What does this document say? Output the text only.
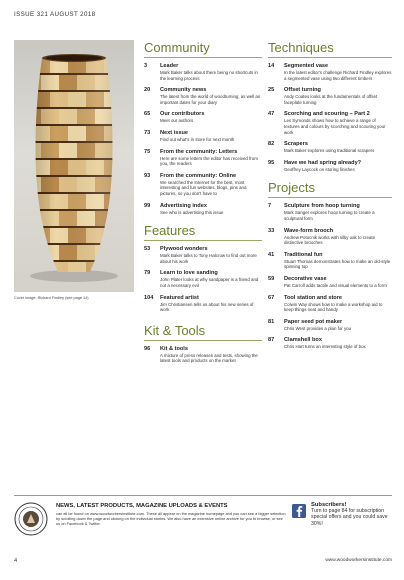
ISSUE 321 AUGUST 2018
Cover image: Richard Findley (see page 14)
Community
3	Leader
Mark Baker talks about there being no shortcuts in the learning process
20	Community news
The latest from the world of woodturning, as well as important dates for your diary
65	Our contributors
Meet our authors
73	Next issue
Find out what's in store for next month
75	From the community: Letters
Here are some letters the editor has received from you, the readers
93	From the community: Online
We searched the Internet for the best, most interesting and fun websites, blogs, pins and pictures, so you don't have to
99	Advertising index
See who is advertising this issue
Features
53	Plywood wonders
Mark Baker talks to Tony Halcrow to find out more about his work
79	Learn to love sanding
John Plater looks at why sandpaper is a friend and not a necessary evil
104	Featured artist
Jim Christiansen tells us about his new series of work
Kit & Tools
96	Kit & tools
A mixture of press releases and tests, showing the latest tools and products on the market
Techniques
14	Segmented vase
In the latest editor's challenge Richard Findley explores a segmented vase using two different timbers
25	Offset turning
Andy Coates looks at the fundamentals of offset faceplate turning
47	Scorching and scouring – Part 2
Les Symonds shows how to achieve a range of textures and colours by scorching and scouring your work
82	Scrapers
Mark Baker explores using traditional scrapers
95	Have we had spring already?
Geoffrey Laycock on storing finishes
Projects
7	Sculpture from hoop turning
Mark Sanger explores hoop turning to create a sculptural form
33	Wave-form brooch
Andrew Potocnik works with silky oak to create distinctive brooches
41	Traditional fun
Stuart Thomas demonstrates how to make an old-style spinning top
59	Decorative vase
Pat Carroll adds tactile and visual elements to a form
67	Tool station and store
Colwin Way shows how to make a workshop aid to keep things neat and handy
81	Paper seed pot maker
Chris West provides a plan for you
87	Clamshell box
Chris Hart turns an interesting style of box
NEWS, LATEST PRODUCTS, MAGAZINE UPLOADS & EVENTS
can all be found on www.woodworkersinstitute.com. These all appear on the magazine homepage and you can see a bigger selection by scrolling down the page and clicking on the individual stories. We also have an extensive online archive for you to browse, or see us on Facebook & Twitter.
Subscribers!
Turn to page 84 for subscription special offers and you could save 30%!
4	www.woodworkersinstitute.com
